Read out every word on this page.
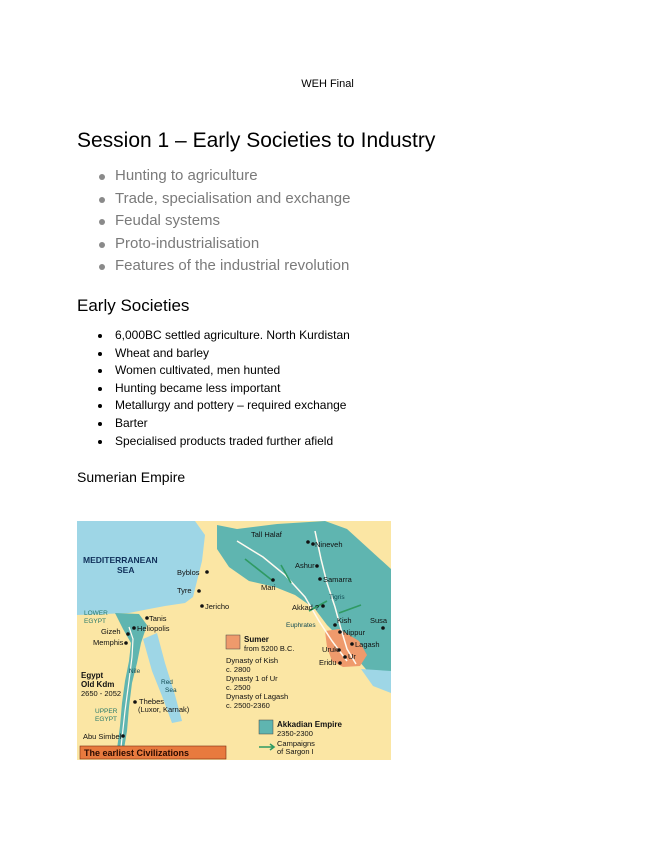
WEH Final
Session 1 – Early Societies to Industry
Hunting to agriculture
Trade, specialisation and exchange
Feudal systems
Proto-industrialisation
Features of the industrial revolution
Early Societies
6,000BC settled agriculture. North Kurdistan
Wheat and barley
Women cultivated, men hunted
Hunting became less important
Metallurgy and pottery – required exchange
Barter
Specialised products traded further afield
Sumerian Empire
MEDITERRANEAN
SEA
Tall Halaf
Nineveh
Ashur
Samarra
Mari
Byblos
Tyre
Jericho	Akkad ?
Tigris
Euphrates
Kish
Nippur
Susa
Lagash
Uruk
Ur
Eridu
LOWER
EGYPT	Tanis
Heliopolis
Gizeh
Memphis
Nile
Red
Sea
Egypt
Old Kdm
2650 - 2052
UPPER
EGYPT
Thebes
(Luxor, Karnak)
Abu Simbel
Sumer
from 5200 B.C.
Dynasty of Kish
c. 2800
Dynasty 1 of Ur
c. 2500
Dynasty of Lagash
c. 2500-2360
Akkadian Empire
2350-2300
Campaigns
of Sargon I
The earliest Civilizations
